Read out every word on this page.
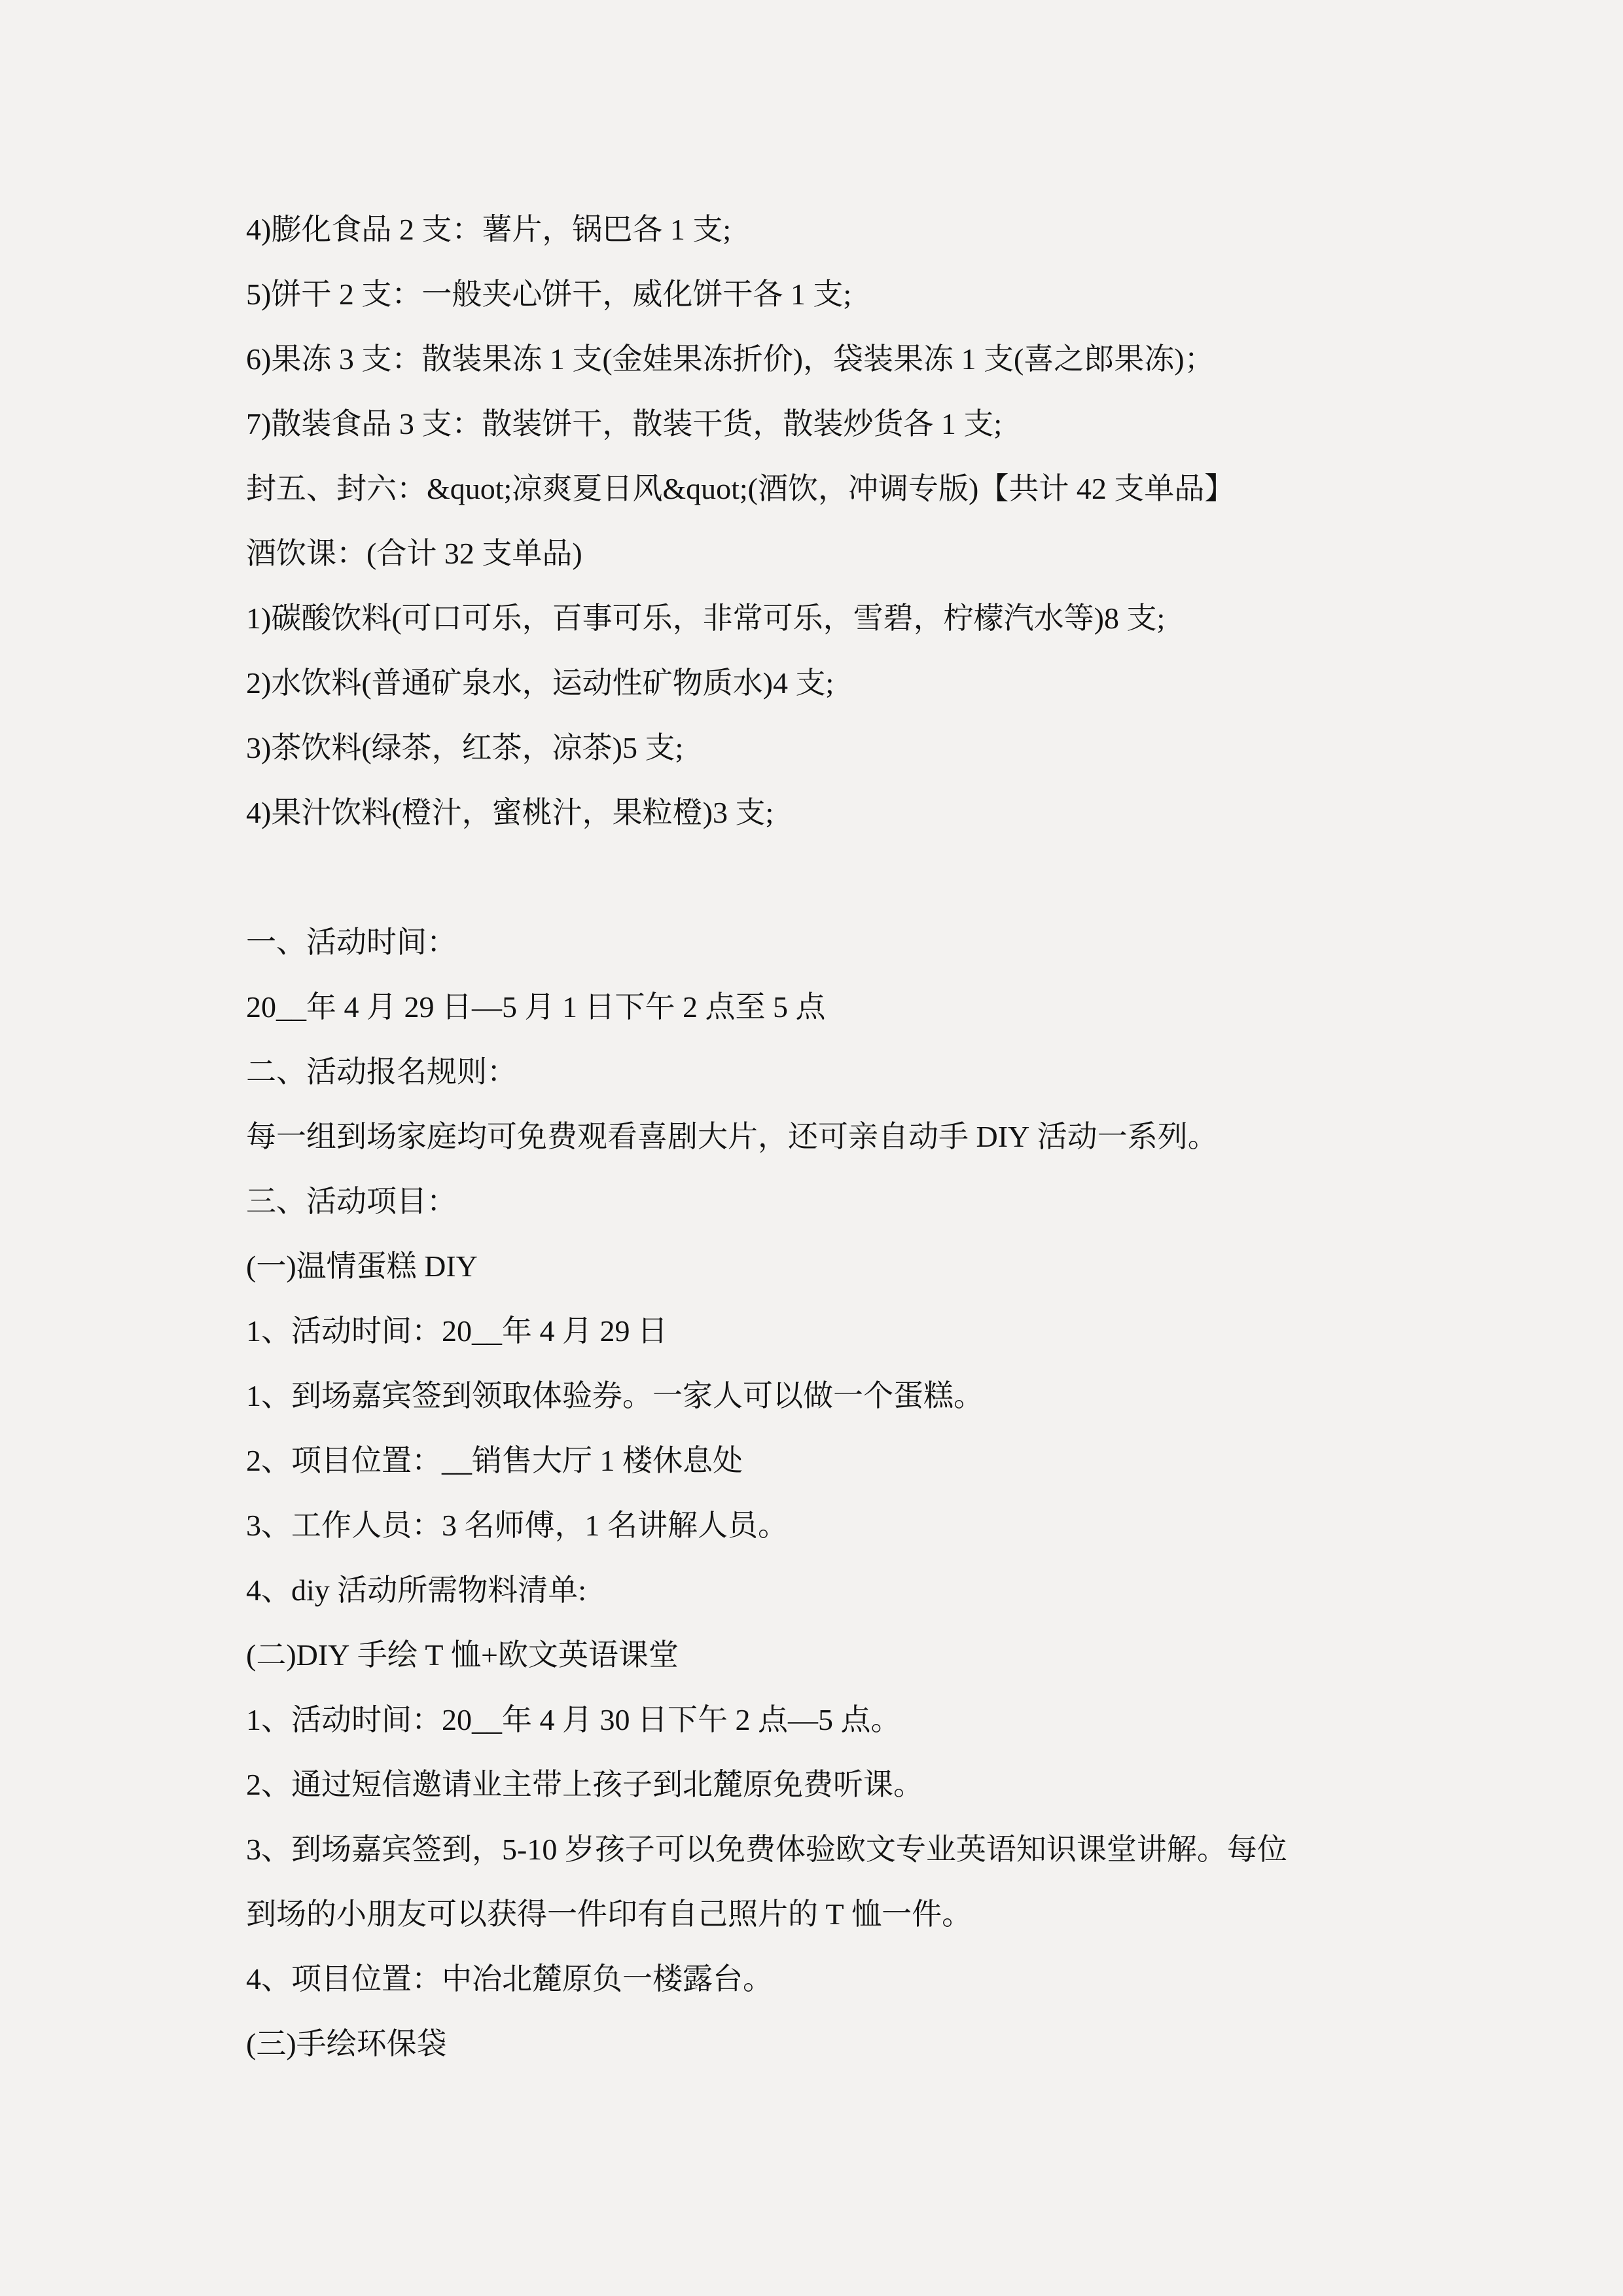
4)膨化食品 2 支：薯片，锅巴各 1 支;

5)饼干 2 支：一般夹心饼干，威化饼干各 1 支;

6)果冻 3 支：散装果冻 1 支(金娃果冻折价)，袋装果冻 1 支(喜之郎果冻)；

7)散装食品 3 支：散装饼干，散装干货，散装炒货各 1 支;

封五、封六：&quot;凉爽夏日风&quot;(酒饮，冲调专版)【共计 42 支单品】

酒饮课：(合计 32 支单品)

1)碳酸饮料(可口可乐，百事可乐，非常可乐，雪碧，柠檬汽水等)8 支;

2)水饮料(普通矿泉水，运动性矿物质水)4 支;

3)茶饮料(绿茶，红茶，凉茶)5 支;

4)果汁饮料(橙汁，蜜桃汁，果粒橙)3 支;

一、活动时间：

20__年 4 月 29 日—5 月 1 日下午 2 点至 5 点

二、活动报名规则：

每一组到场家庭均可免费观看喜剧大片，还可亲自动手 DIY 活动一系列。

三、活动项目：

(一)温情蛋糕 DIY

1、活动时间：20__年 4 月 29 日

1、到场嘉宾签到领取体验券。一家人可以做一个蛋糕。

2、项目位置：__销售大厅 1 楼休息处

3、工作人员：3 名师傅，1 名讲解人员。

4、diy 活动所需物料清单:

(二)DIY 手绘 T 恤+欧文英语课堂

1、活动时间：20__年 4 月 30 日下午 2 点—5 点。

2、通过短信邀请业主带上孩子到北麓原免费听课。

3、到场嘉宾签到，5-10 岁孩子可以免费体验欧文专业英语知识课堂讲解。每位

到场的小朋友可以获得一件印有自己照片的 T 恤一件。

4、项目位置：中冶北麓原负一楼露台。

(三)手绘环保袋
